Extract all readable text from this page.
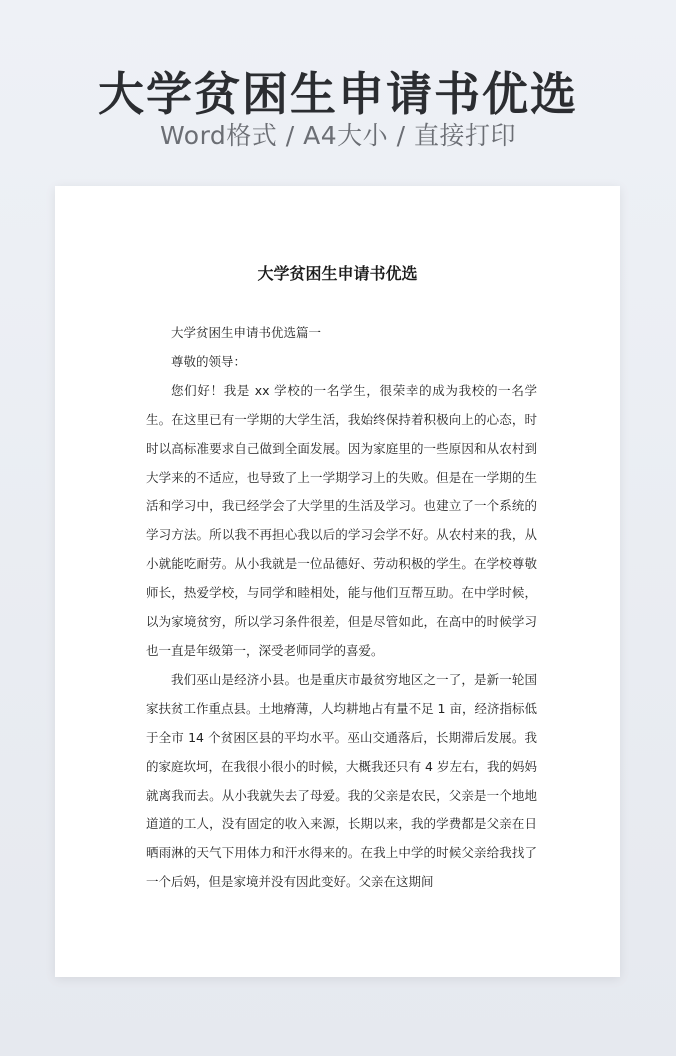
大学贫困生申请书优选
Word格式 / A4大小 / 直接打印
大学贫困生申请书优选

大学贫困生申请书优选篇一

尊敬的领导：

您们好！我是 xx 学校的一名学生，很荣幸的成为我校的一名学生。在这里已有一学期的大学生活，我始终保持着积极向上的心态，时时以高标准要求自己做到全面发展。因为家庭里的一些原因和从农村到大学来的不适应，也导致了上一学期学习上的失败。但是在一学期的生活和学习中，我已经学会了大学里的生活及学习。也建立了一个系统的学习方法。所以我不再担心我以后的学习会学不好。从农村来的我，从小就能吃耐劳。从小我就是一位品德好、劳动积极的学生。在学校尊敬师长，热爱学校，与同学和睦相处，能与他们互帮互助。在中学时候，以为家境贫穷，所以学习条件很差，但是尽管如此，在高中的时候学习也一直是年级第一，深受老师同学的喜爱。

我们巫山是经济小县。也是重庆市最贫穷地区之一了，是新一轮国家扶贫工作重点县。土地瘠薄，人均耕地占有量不足 1 亩，经济指标低于全市 14 个贫困区县的平均水平。巫山交通落后，长期滞后发展。我的家庭坎坷，在我很小很小的时候，大概我还只有 4 岁左右，我的妈妈就离我而去。从小我就失去了母爱。我的父亲是农民，父亲是一个地地道道的工人，没有固定的收入来源，长期以来，我的学费都是父亲在日晒雨淋的天气下用体力和汗水得来的。在我上中学的时候父亲给我找了一个后妈，但是家境并没有因此变好。父亲在这期间
